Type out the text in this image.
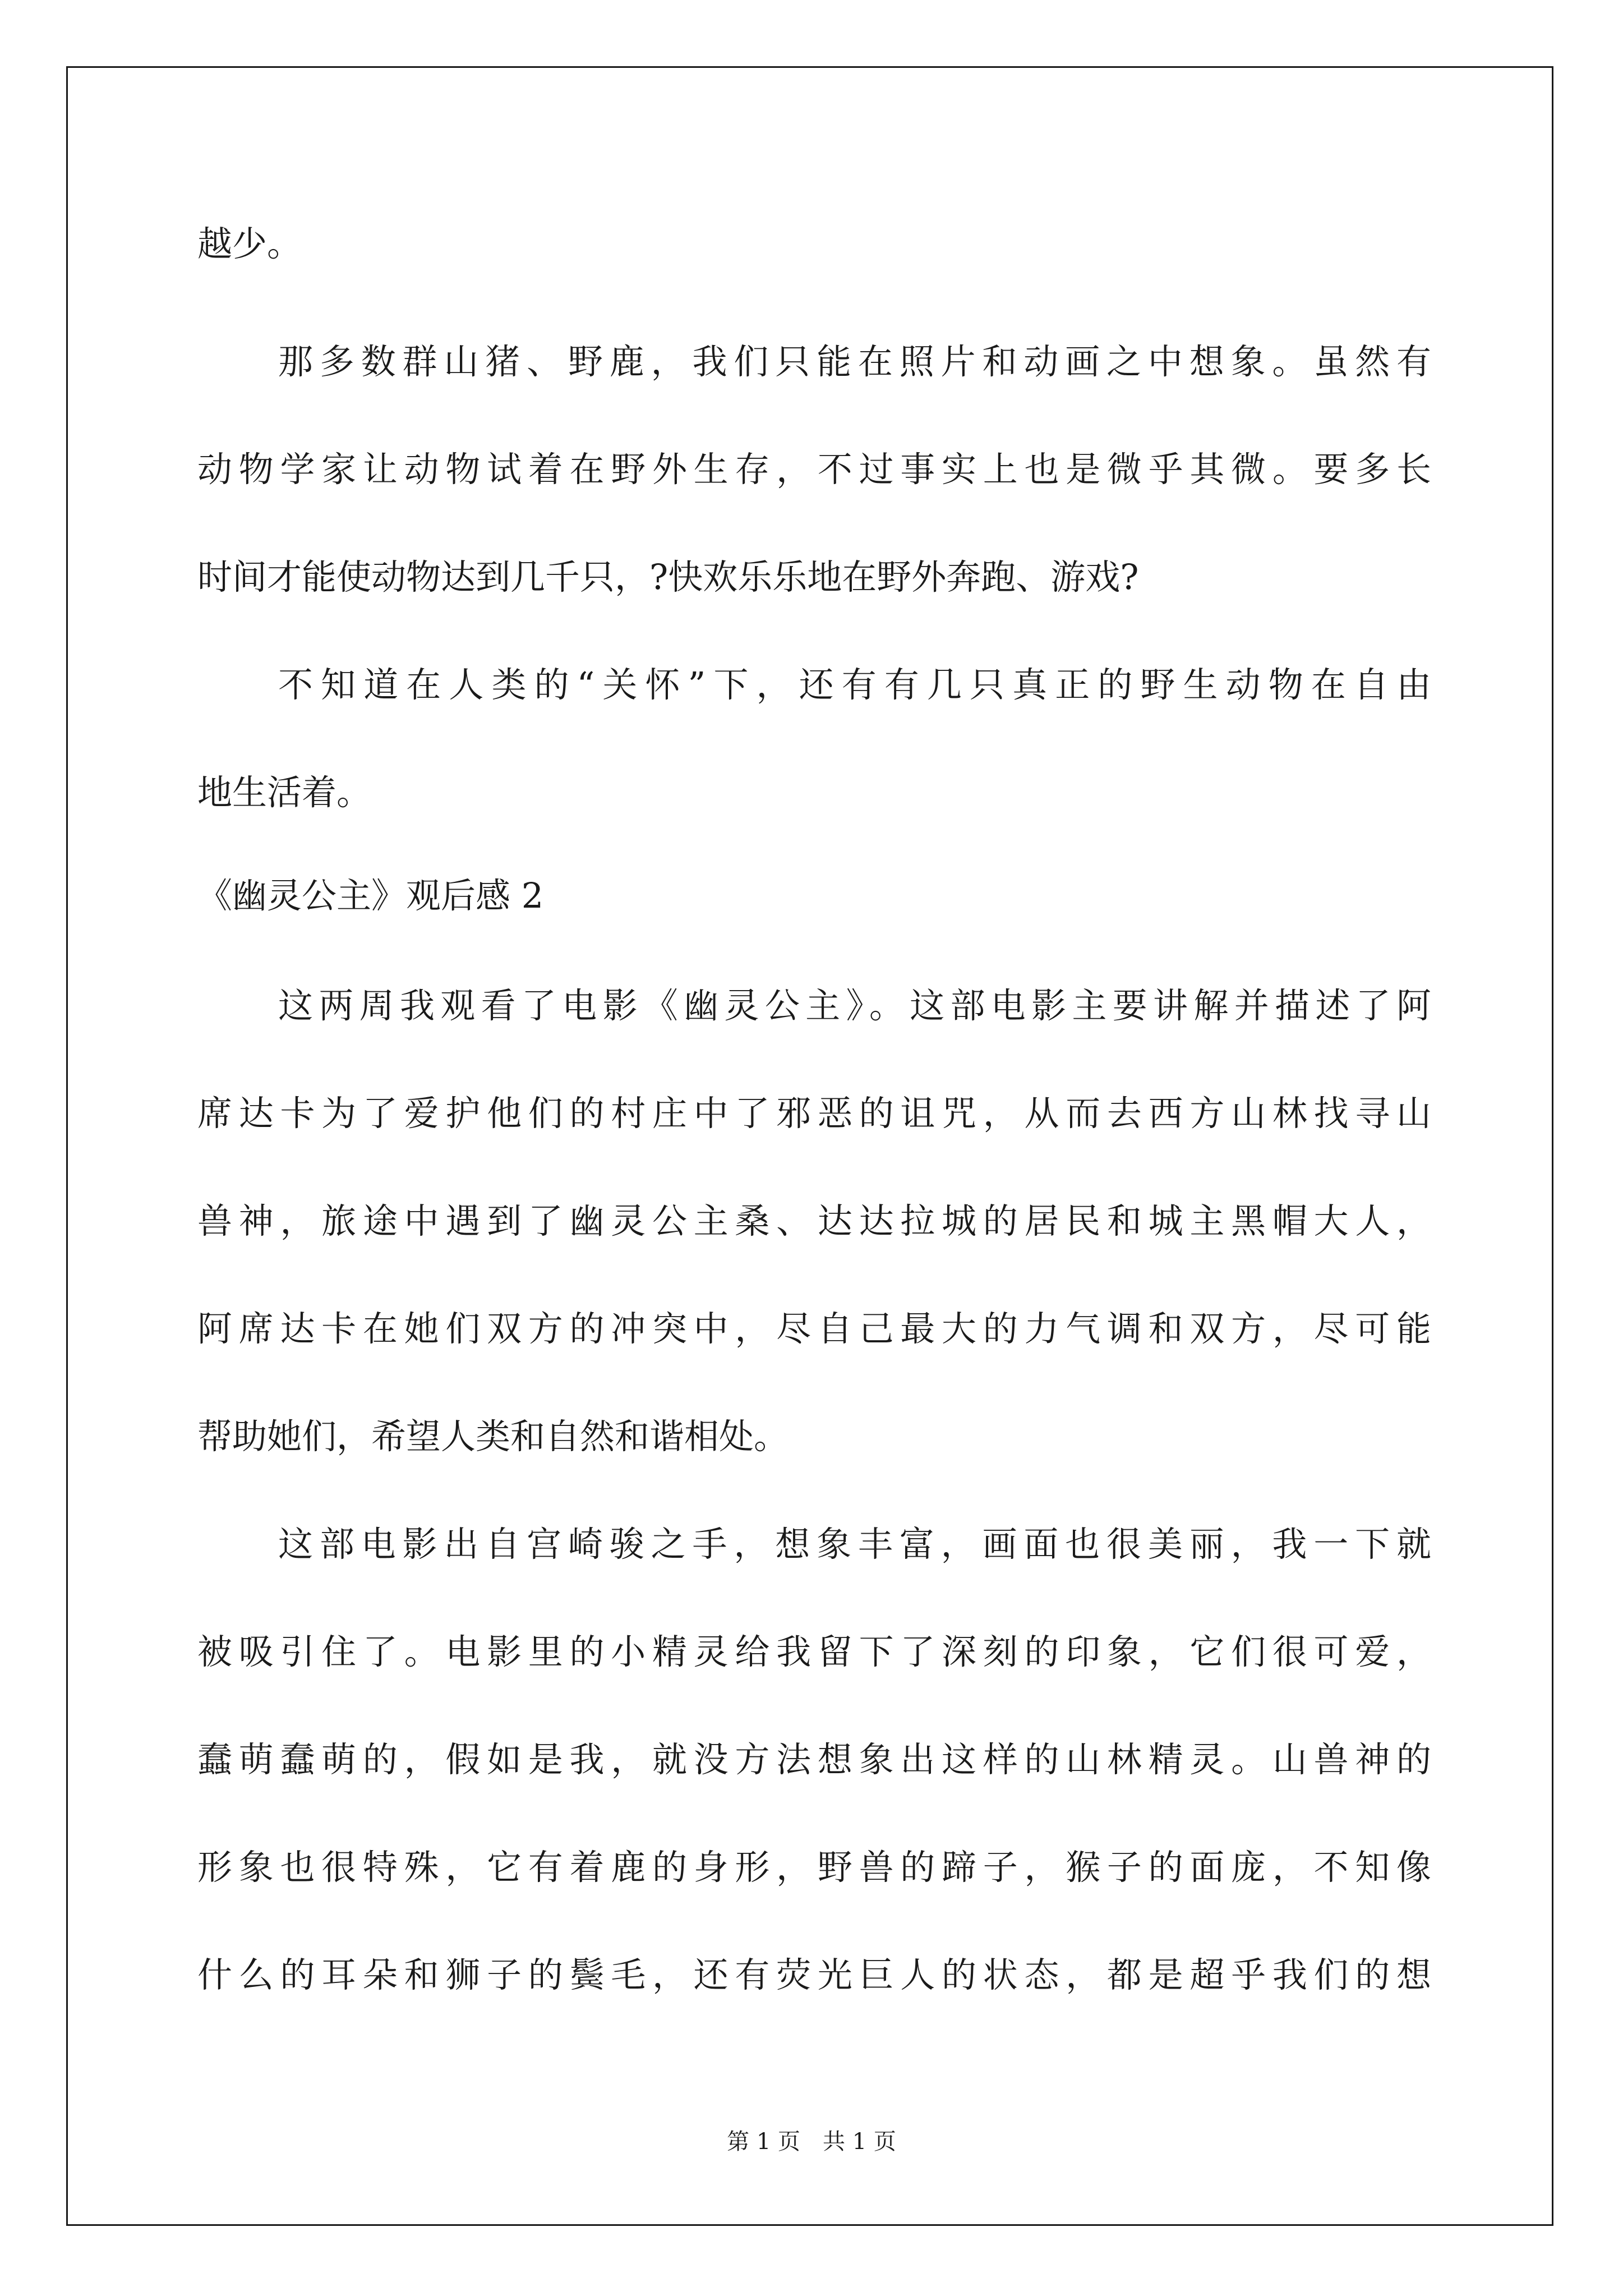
越少。

那多数群山猪、野鹿，我们只能在照片和动画之中想象。虽然有

动物学家让动物试着在野外生存，不过事实上也是微乎其微。要多长

时间才能使动物达到几千只，?快欢乐乐地在野外奔跑、游戏?

不知道在人类的“关怀”下，还有有几只真正的野生动物在自由

地生活着。

《幽灵公主》观后感 2

这两周我观看了电影《幽灵公主》。这部电影主要讲解并描述了阿

席达卡为了爱护他们的村庄中了邪恶的诅咒，从而去西方山林找寻山

兽神，旅途中遇到了幽灵公主桑、达达拉城的居民和城主黑帽大人，

阿席达卡在她们双方的冲突中，尽自己最大的力气调和双方，尽可能

帮助她们，希望人类和自然和谐相处。

这部电影出自宫崎骏之手，想象丰富，画面也很美丽，我一下就

被吸引住了。电影里的小精灵给我留下了深刻的印象，它们很可爱，

蠢萌蠢萌的，假如是我，就没方法想象出这样的山林精灵。山兽神的

形象也很特殊，它有着鹿的身形，野兽的蹄子，猴子的面庞，不知像

什么的耳朵和狮子的鬓毛，还有荧光巨人的状态，都是超乎我们的想

第 1 页　共 1 页
